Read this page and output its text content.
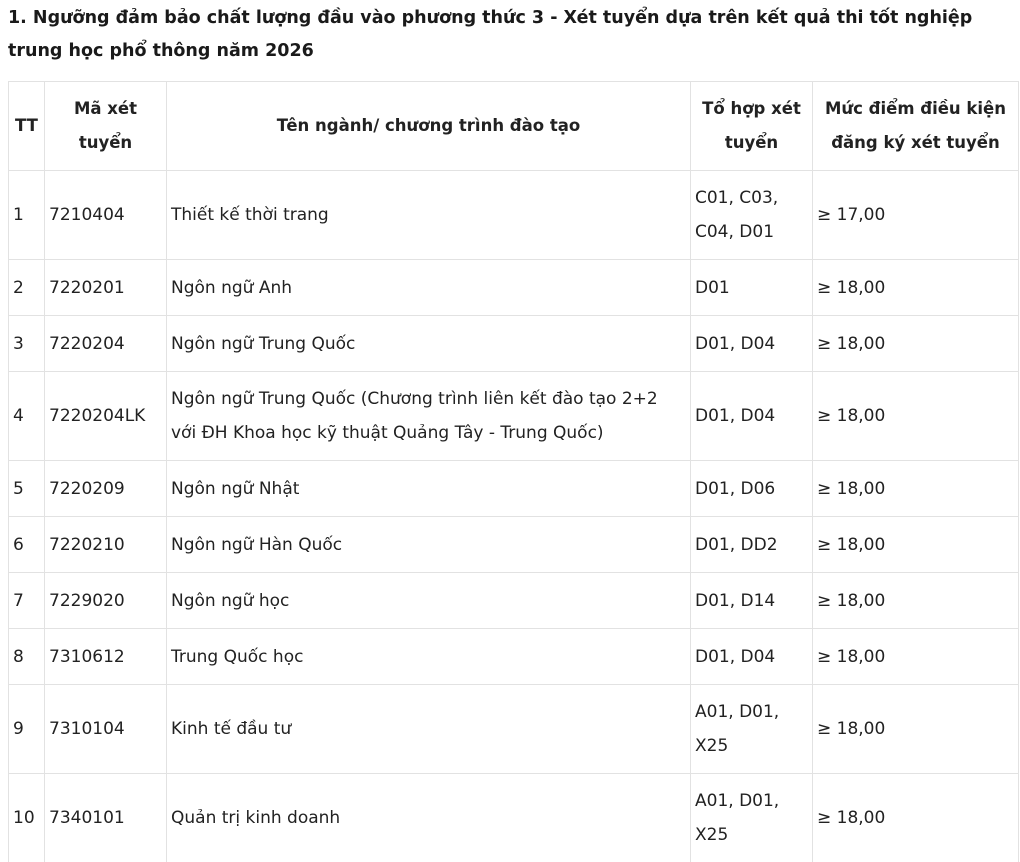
1. Ngưỡng đảm bảo chất lượng đầu vào phương thức 3 - Xét tuyển dựa trên kết quả thi tốt nghiệp trung học phổ thông năm 2026
TT	Mã xét tuyển	Tên ngành/ chương trình đào tạo	Tổ hợp xét tuyển	Mức điểm điều kiện đăng ký xét tuyển
1	7210404	Thiết kế thời trang	C01, C03, C04, D01	≥ 17,00
2	7220201	Ngôn ngữ Anh	D01	≥ 18,00
3	7220204	Ngôn ngữ Trung Quốc	D01, D04	≥ 18,00
4	7220204LK	Ngôn ngữ Trung Quốc (Chương trình liên kết đào tạo 2+2 với ĐH Khoa học kỹ thuật Quảng Tây - Trung Quốc)	D01, D04	≥ 18,00
5	7220209	Ngôn ngữ Nhật	D01, D06	≥ 18,00
6	7220210	Ngôn ngữ Hàn Quốc	D01, DD2	≥ 18,00
7	7229020	Ngôn ngữ học	D01, D14	≥ 18,00
8	7310612	Trung Quốc học	D01, D04	≥ 18,00
9	7310104	Kinh tế đầu tư	A01, D01, X25	≥ 18,00
10	7340101	Quản trị kinh doanh	A01, D01, X25	≥ 18,00
